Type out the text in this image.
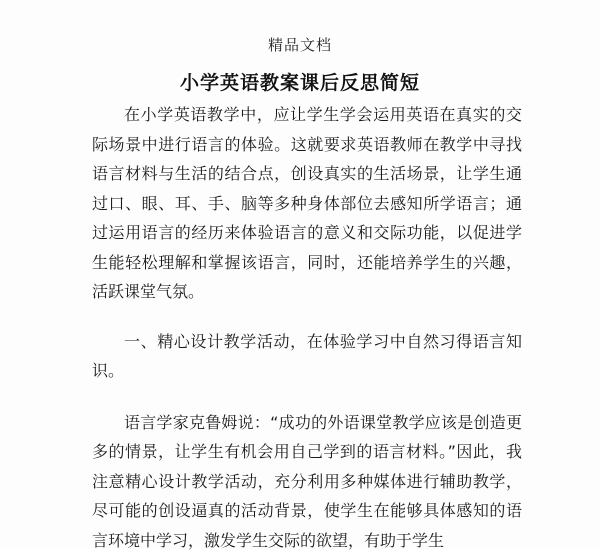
精品文档
小学英语教案课后反思简短

在小学英语教学中，应让学生学会运用英语在真实的交际场景中进行语言的体验。这就要求英语教师在教学中寻找语言材料与生活的结合点，创设真实的生活场景，让学生通过口、眼、耳、手、脑等多种身体部位去感知所学语言；通过运用语言的经历来体验语言的意义和交际功能，以促进学生能轻松理解和掌握该语言，同时，还能培养学生的兴趣，活跃课堂气氛。

一、精心设计教学活动，在体验学习中自然习得语言知识。

语言学家克鲁姆说：“成功的外语课堂教学应该是创造更多的情景，让学生有机会用自己学到的语言材料。”因此，我注意精心设计教学活动，充分利用多种媒体进行辅助教学，尽可能的创设逼真的活动背景，使学生在能够具体感知的语言环境中学习，激发学生交际的欲望，有助于学生
